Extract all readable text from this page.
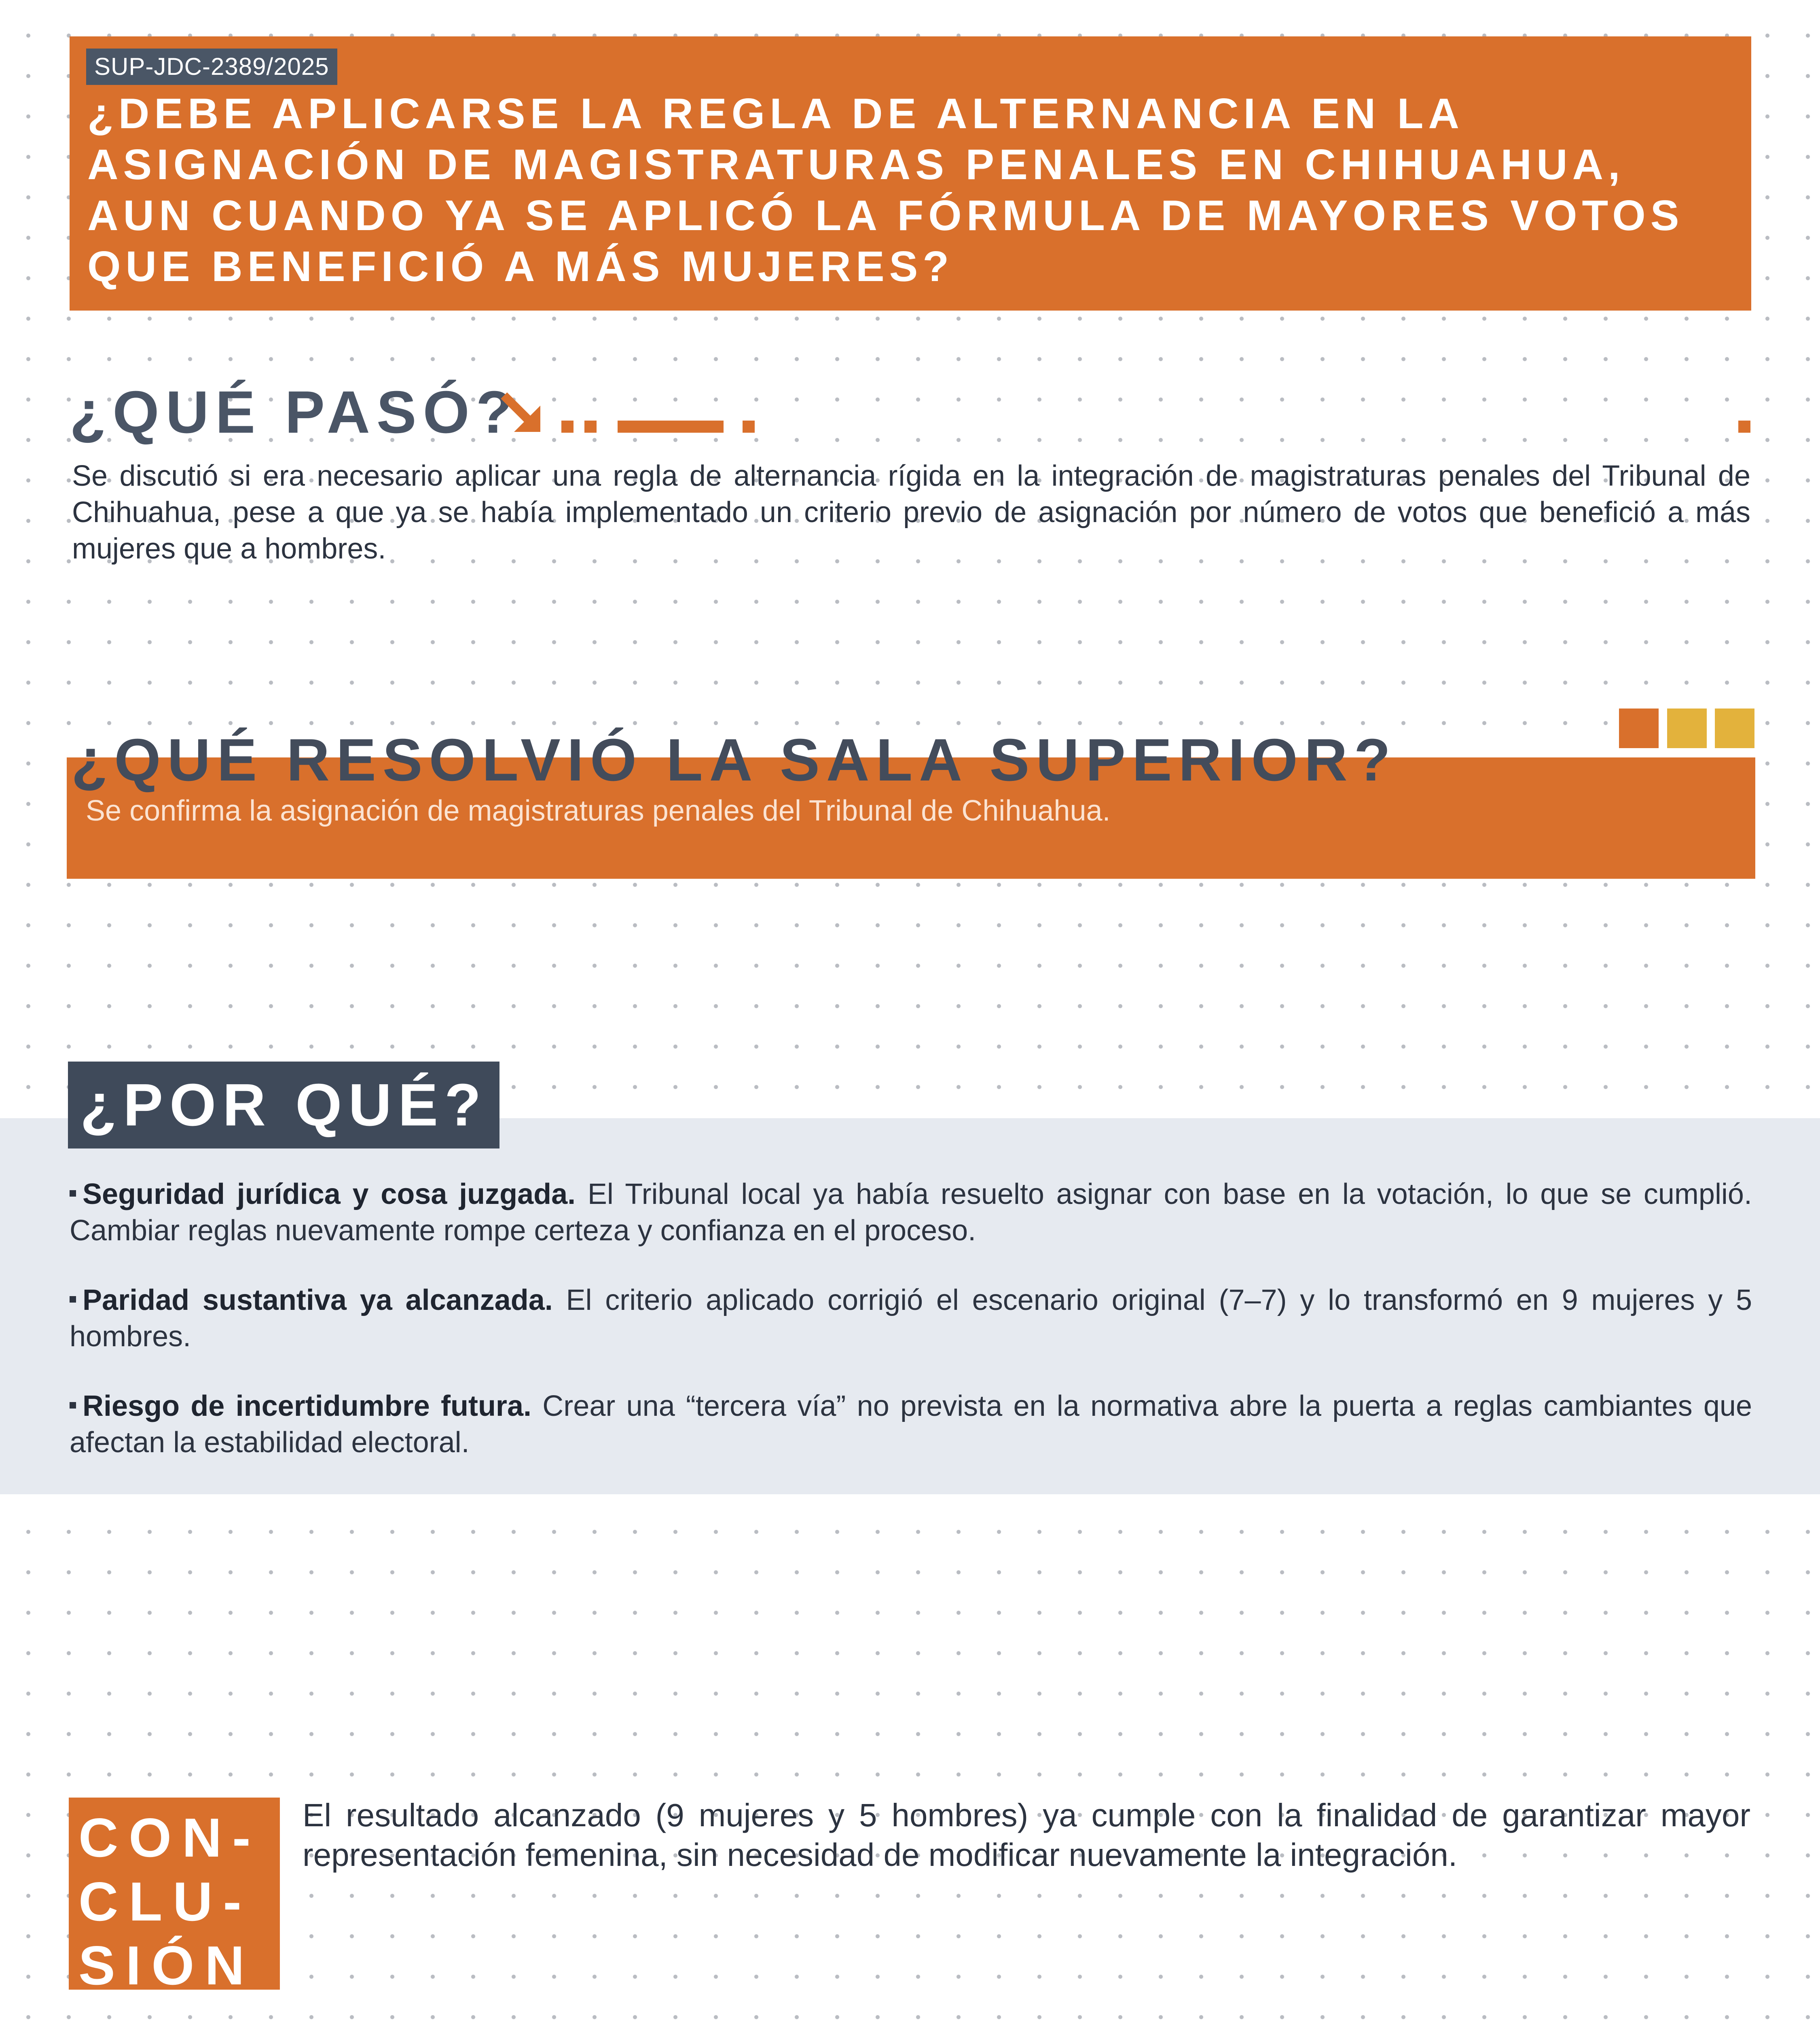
SUP-JDC-2389/2025
¿DEBE APLICARSE LA REGLA DE ALTERNANCIA EN LA ASIGNACIÓN DE MAGISTRATURAS PENALES EN CHIHUAHUA, AUN CUANDO YA SE APLICÓ LA FÓRMULA DE MAYORES VOTOS QUE BENEFICIÓ A MÁS MUJERES?
¿QUÉ PASÓ?
Se discutió si era necesario aplicar una regla de alternancia rígida en la integración de magistraturas penales del Tribunal de Chihuahua, pese a que ya se había implementado un criterio previo de asignación por número de votos que benefició a más mujeres que a hombres.
¿QUÉ RESOLVIÓ LA SALA SUPERIOR?
Se confirma la asignación de magistraturas penales del Tribunal de Chihuahua.
¿POR QUÉ?
Seguridad jurídica y cosa juzgada. El Tribunal local ya había resuelto asignar con base en la votación, lo que se cumplió. Cambiar reglas nuevamente rompe certeza y confianza en el proceso.
Paridad sustantiva ya alcanzada. El criterio aplicado corrigió el escenario original (7–7) y lo transformó en 9 mujeres y 5 hombres.
Riesgo de incertidumbre futura. Crear una “tercera vía” no prevista en la normativa abre la puerta a reglas cambiantes que afectan la estabilidad electoral.
CON-
CLU-
SIÓN
El resultado alcanzado (9 mujeres y 5 hombres) ya cumple con la finalidad de garantizar mayor representación femenina, sin necesidad de modificar nuevamente la integración.
